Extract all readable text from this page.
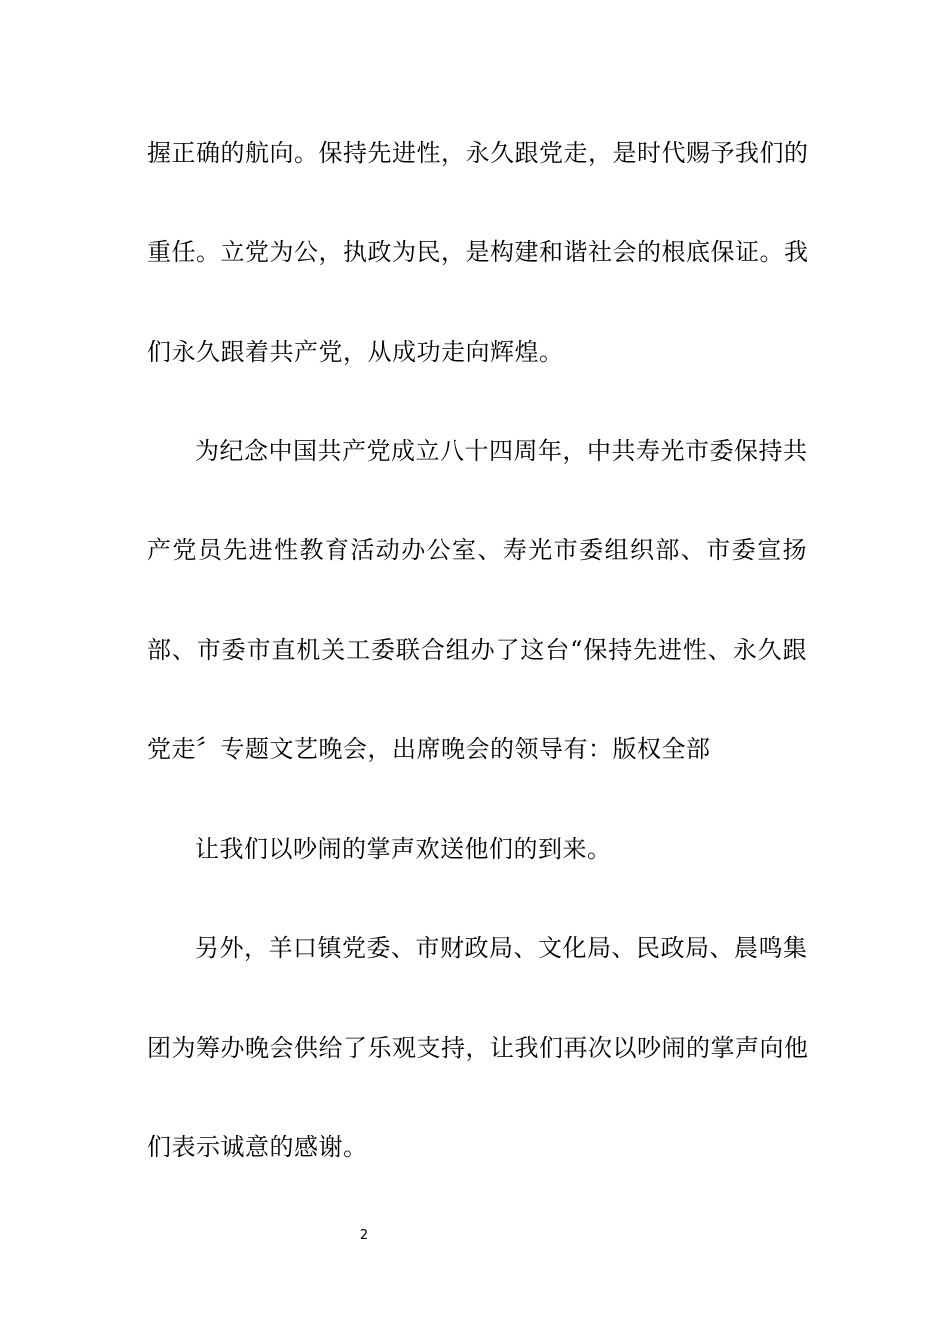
握正确的航向。保持先进性，永久跟党走，是时代赐予我们的
重任。立党为公，执政为民，是构建和谐社会的根底保证。我
们永久跟着共产党，从成功走向辉煌。
为纪念中国共产党成立八十四周年，中共寿光市委保持共
产党员先进性教育活动办公室、寿光市委组织部、市委宣扬
部、市委市直机关工委联合组办了这台“保持先进性、永久跟
党走〞专题文艺晚会，出席晚会的领导有：版权全部
让我们以吵闹的掌声欢送他们的到来。
另外，羊口镇党委、市财政局、文化局、民政局、晨鸣集
团为筹办晚会供给了乐观支持，让我们再次以吵闹的掌声向他
们表示诚意的感谢。
2
